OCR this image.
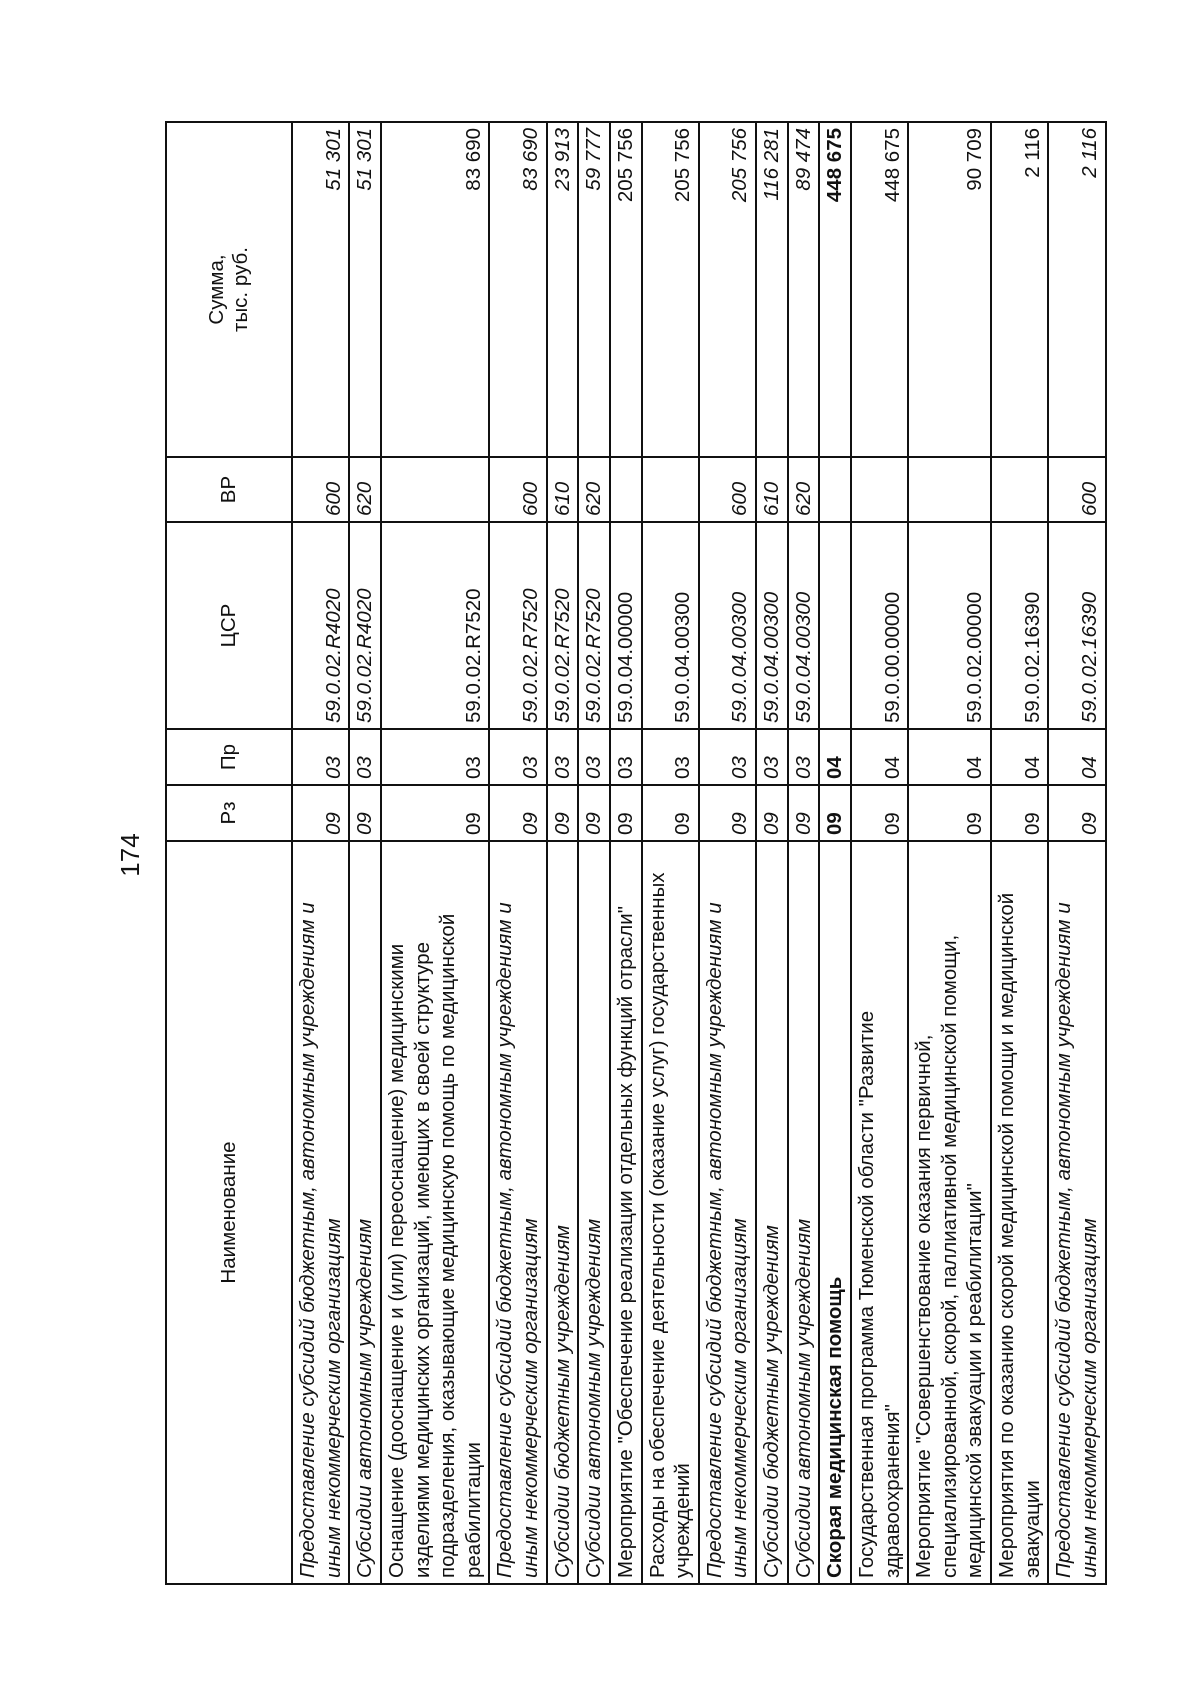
174
Наименование	Рз	Пр	ЦСР	ВР	Сумма, тыс. руб.

Предоставление субсидий бюджетным, автономным учреждениям и иным некоммерческим организациям	09	03	59.0.02.R4020	600	51 301
Субсидии автономным учреждениям	09	03	59.0.02.R4020	620	51 301
Оснащение (дооснащение и (или) переоснащение) медицинскими изделиями медицинских организаций, имеющих в своей структуре подразделения, оказывающие медицинскую помощь по медицинской реабилитации	09	03	59.0.02.R7520		83 690
Предоставление субсидий бюджетным, автономным учреждениям и иным некоммерческим организациям	09	03	59.0.02.R7520	600	83 690
Субсидии бюджетным учреждениям	09	03	59.0.02.R7520	610	23 913
Субсидии автономным учреждениям	09	03	59.0.02.R7520	620	59 777
Мероприятие "Обеспечение реализации отдельных функций отрасли"	09	03	59.0.04.00000		205 756
Расходы на обеспечение деятельности (оказание услуг) государственных учреждений	09	03	59.0.04.00300		205 756
Предоставление субсидий бюджетным, автономным учреждениям и иным некоммерческим организациям	09	03	59.0.04.00300	600	205 756
Субсидии бюджетным учреждениям	09	03	59.0.04.00300	610	116 281
Субсидии автономным учреждениям	09	03	59.0.04.00300	620	89 474
Скорая медицинская помощь	09	04			448 675
Государственная программа Тюменской области "Развитие здравоохранения"	09	04	59.0.00.00000		448 675
Мероприятие "Совершенствование оказания первичной, специализированной, скорой, паллиативной медицинской помощи, медицинской эвакуации и реабилитации"	09	04	59.0.02.00000		90 709
Мероприятия по оказанию скорой медицинской помощи и медицинской эвакуации	09	04	59.0.02.16390		2 116
Предоставление субсидий бюджетным, автономным учреждениям и иным некоммерческим организациям	09	04	59.0.02.16390	600	2 116
